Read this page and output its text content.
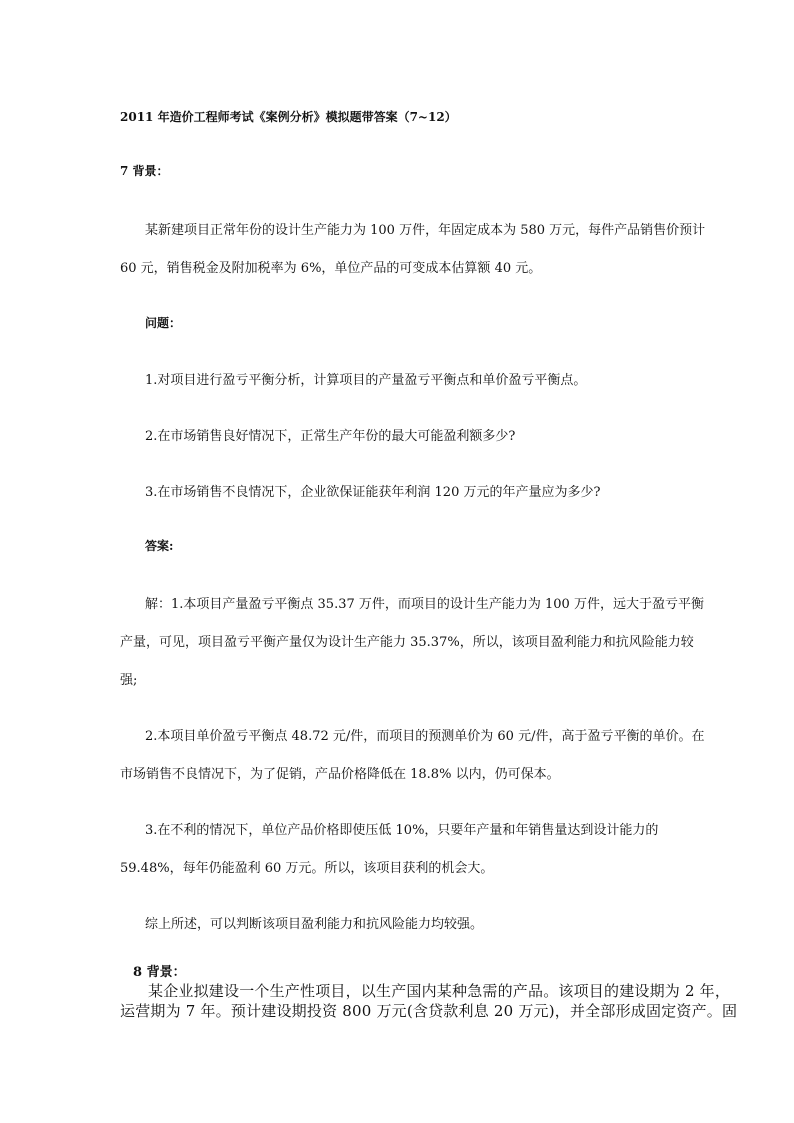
2011 年造价工程师考试《案例分析》模拟题带答案（7~12）
7 背景：
某新建项目正常年份的设计生产能力为 100 万件，年固定成本为 580 万元，每件产品销售价预计
60 元，销售税金及附加税率为 6%，单位产品的可变成本估算额 40 元。
问题：
1.对项目进行盈亏平衡分析，计算项目的产量盈亏平衡点和单价盈亏平衡点。
2.在市场销售良好情况下，正常生产年份的最大可能盈利额多少?
3.在市场销售不良情况下，企业欲保证能获年利润 120 万元的年产量应为多少?
答案:
解：1.本项目产量盈亏平衡点 35.37 万件，而项目的设计生产能力为 100 万件，远大于盈亏平衡
产量，可见，项目盈亏平衡产量仅为设计生产能力 35.37%，所以，该项目盈利能力和抗风险能力较
强;
2.本项目单价盈亏平衡点 48.72 元/件，而项目的预测单价为 60 元/件，高于盈亏平衡的单价。在
市场销售不良情况下，为了促销，产品价格降低在 18.8% 以内，仍可保本。
3.在不利的情况下，单位产品价格即使压低 10%，只要年产量和年销售量达到设计能力的
59.48%，每年仍能盈利 60 万元。所以，该项目获利的机会大。
综上所述，可以判断该项目盈利能力和抗风险能力均较强。
8 背景：
某企业拟建设一个生产性项目，以生产国内某种急需的产品。该项目的建设期为 2 年，
运营期为 7 年。预计建设期投资 800 万元(含贷款利息 20 万元)，并全部形成固定资产。固
